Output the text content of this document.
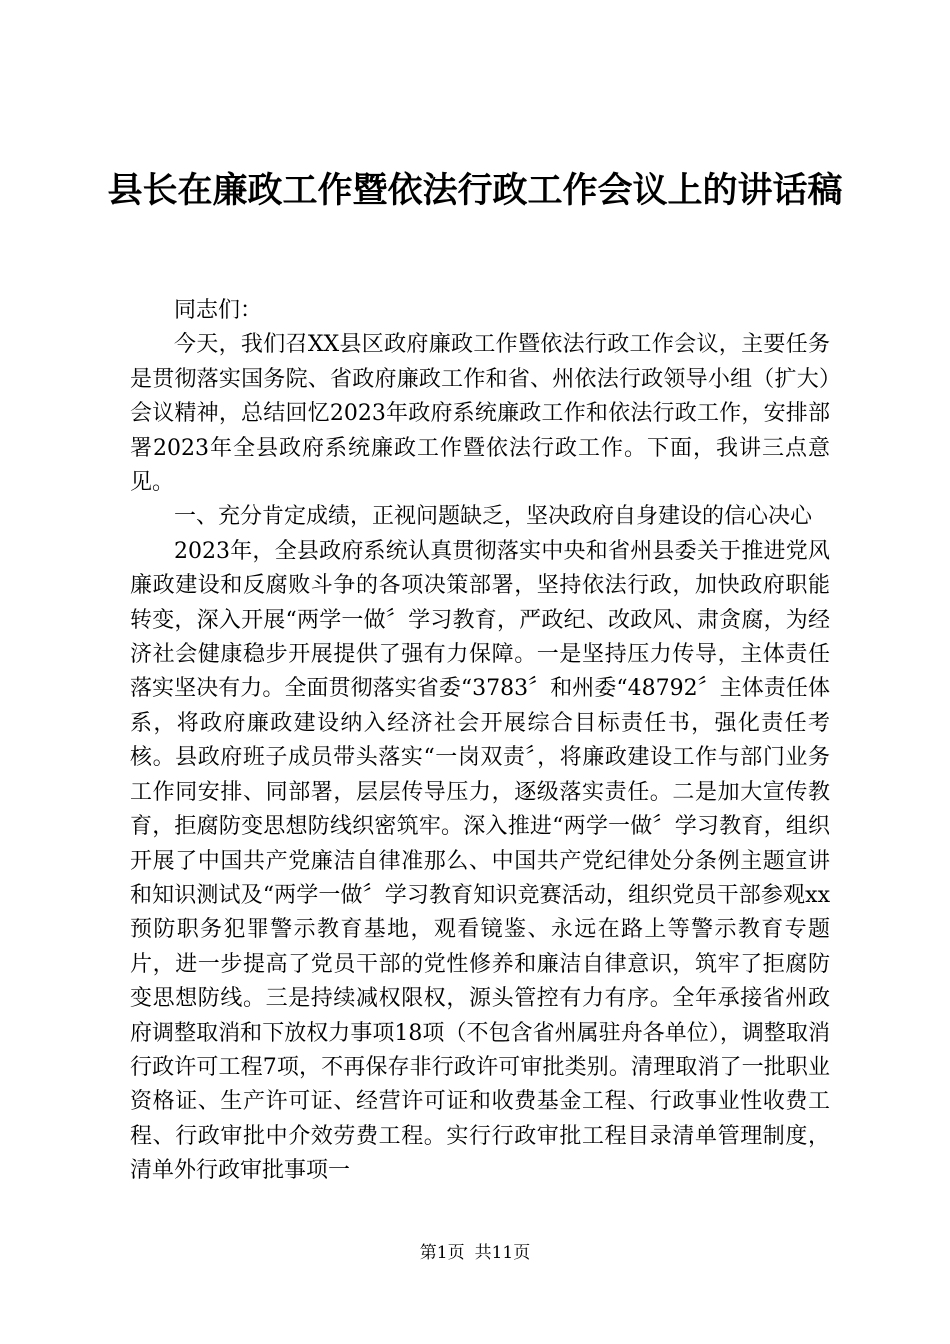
县长在廉政工作暨依法行政工作会议上的讲话稿

同志们：

今天，我们召XX县区政府廉政工作暨依法行政工作会议，主要任务是贯彻落实国务院、省政府廉政工作和省、州依法行政领导小组（扩大）会议精神，总结回忆2023年政府系统廉政工作和依法行政工作，安排部署2023年全县政府系统廉政工作暨依法行政工作。下面，我讲三点意见。

一、充分肯定成绩，正视问题缺乏，坚决政府自身建设的信心决心

2023年，全县政府系统认真贯彻落实中央和省州县委关于推进党风廉政建设和反腐败斗争的各项决策部署，坚持依法行政，加快政府职能转变，深入开展“两学一做〞学习教育，严政纪、改政风、肃贪腐，为经济社会健康稳步开展提供了强有力保障。一是坚持压力传导，主体责任落实坚决有力。全面贯彻落实省委“3783〞和州委“48792〞主体责任体系，将政府廉政建设纳入经济社会开展综合目标责任书，强化责任考核。县政府班子成员带头落实“一岗双责〞，将廉政建设工作与部门业务工作同安排、同部署，层层传导压力，逐级落实责任。二是加大宣传教育，拒腐防变思想防线织密筑牢。深入推进“两学一做〞学习教育，组织开展了中国共产党廉洁自律准那么、中国共产党纪律处分条例主题宣讲和知识测试及“两学一做〞学习教育知识竞赛活动，组织党员干部参观xx预防职务犯罪警示教育基地，观看镜鉴、永远在路上等警示教育专题片，进一步提高了党员干部的党性修养和廉洁自律意识，筑牢了拒腐防变思想防线。三是持续减权限权，源头管控有力有序。全年承接省州政府调整取消和下放权力事项18项（不包含省州属驻舟各单位），调整取消行政许可工程7项，不再保存非行政许可审批类别。清理取消了一批职业资格证、生产许可证、经营许可证和收费基金工程、行政事业性收费工程、行政审批中介效劳费工程。实行行政审批工程目录清单管理制度，清单外行政审批事项一

第1页 共11页
